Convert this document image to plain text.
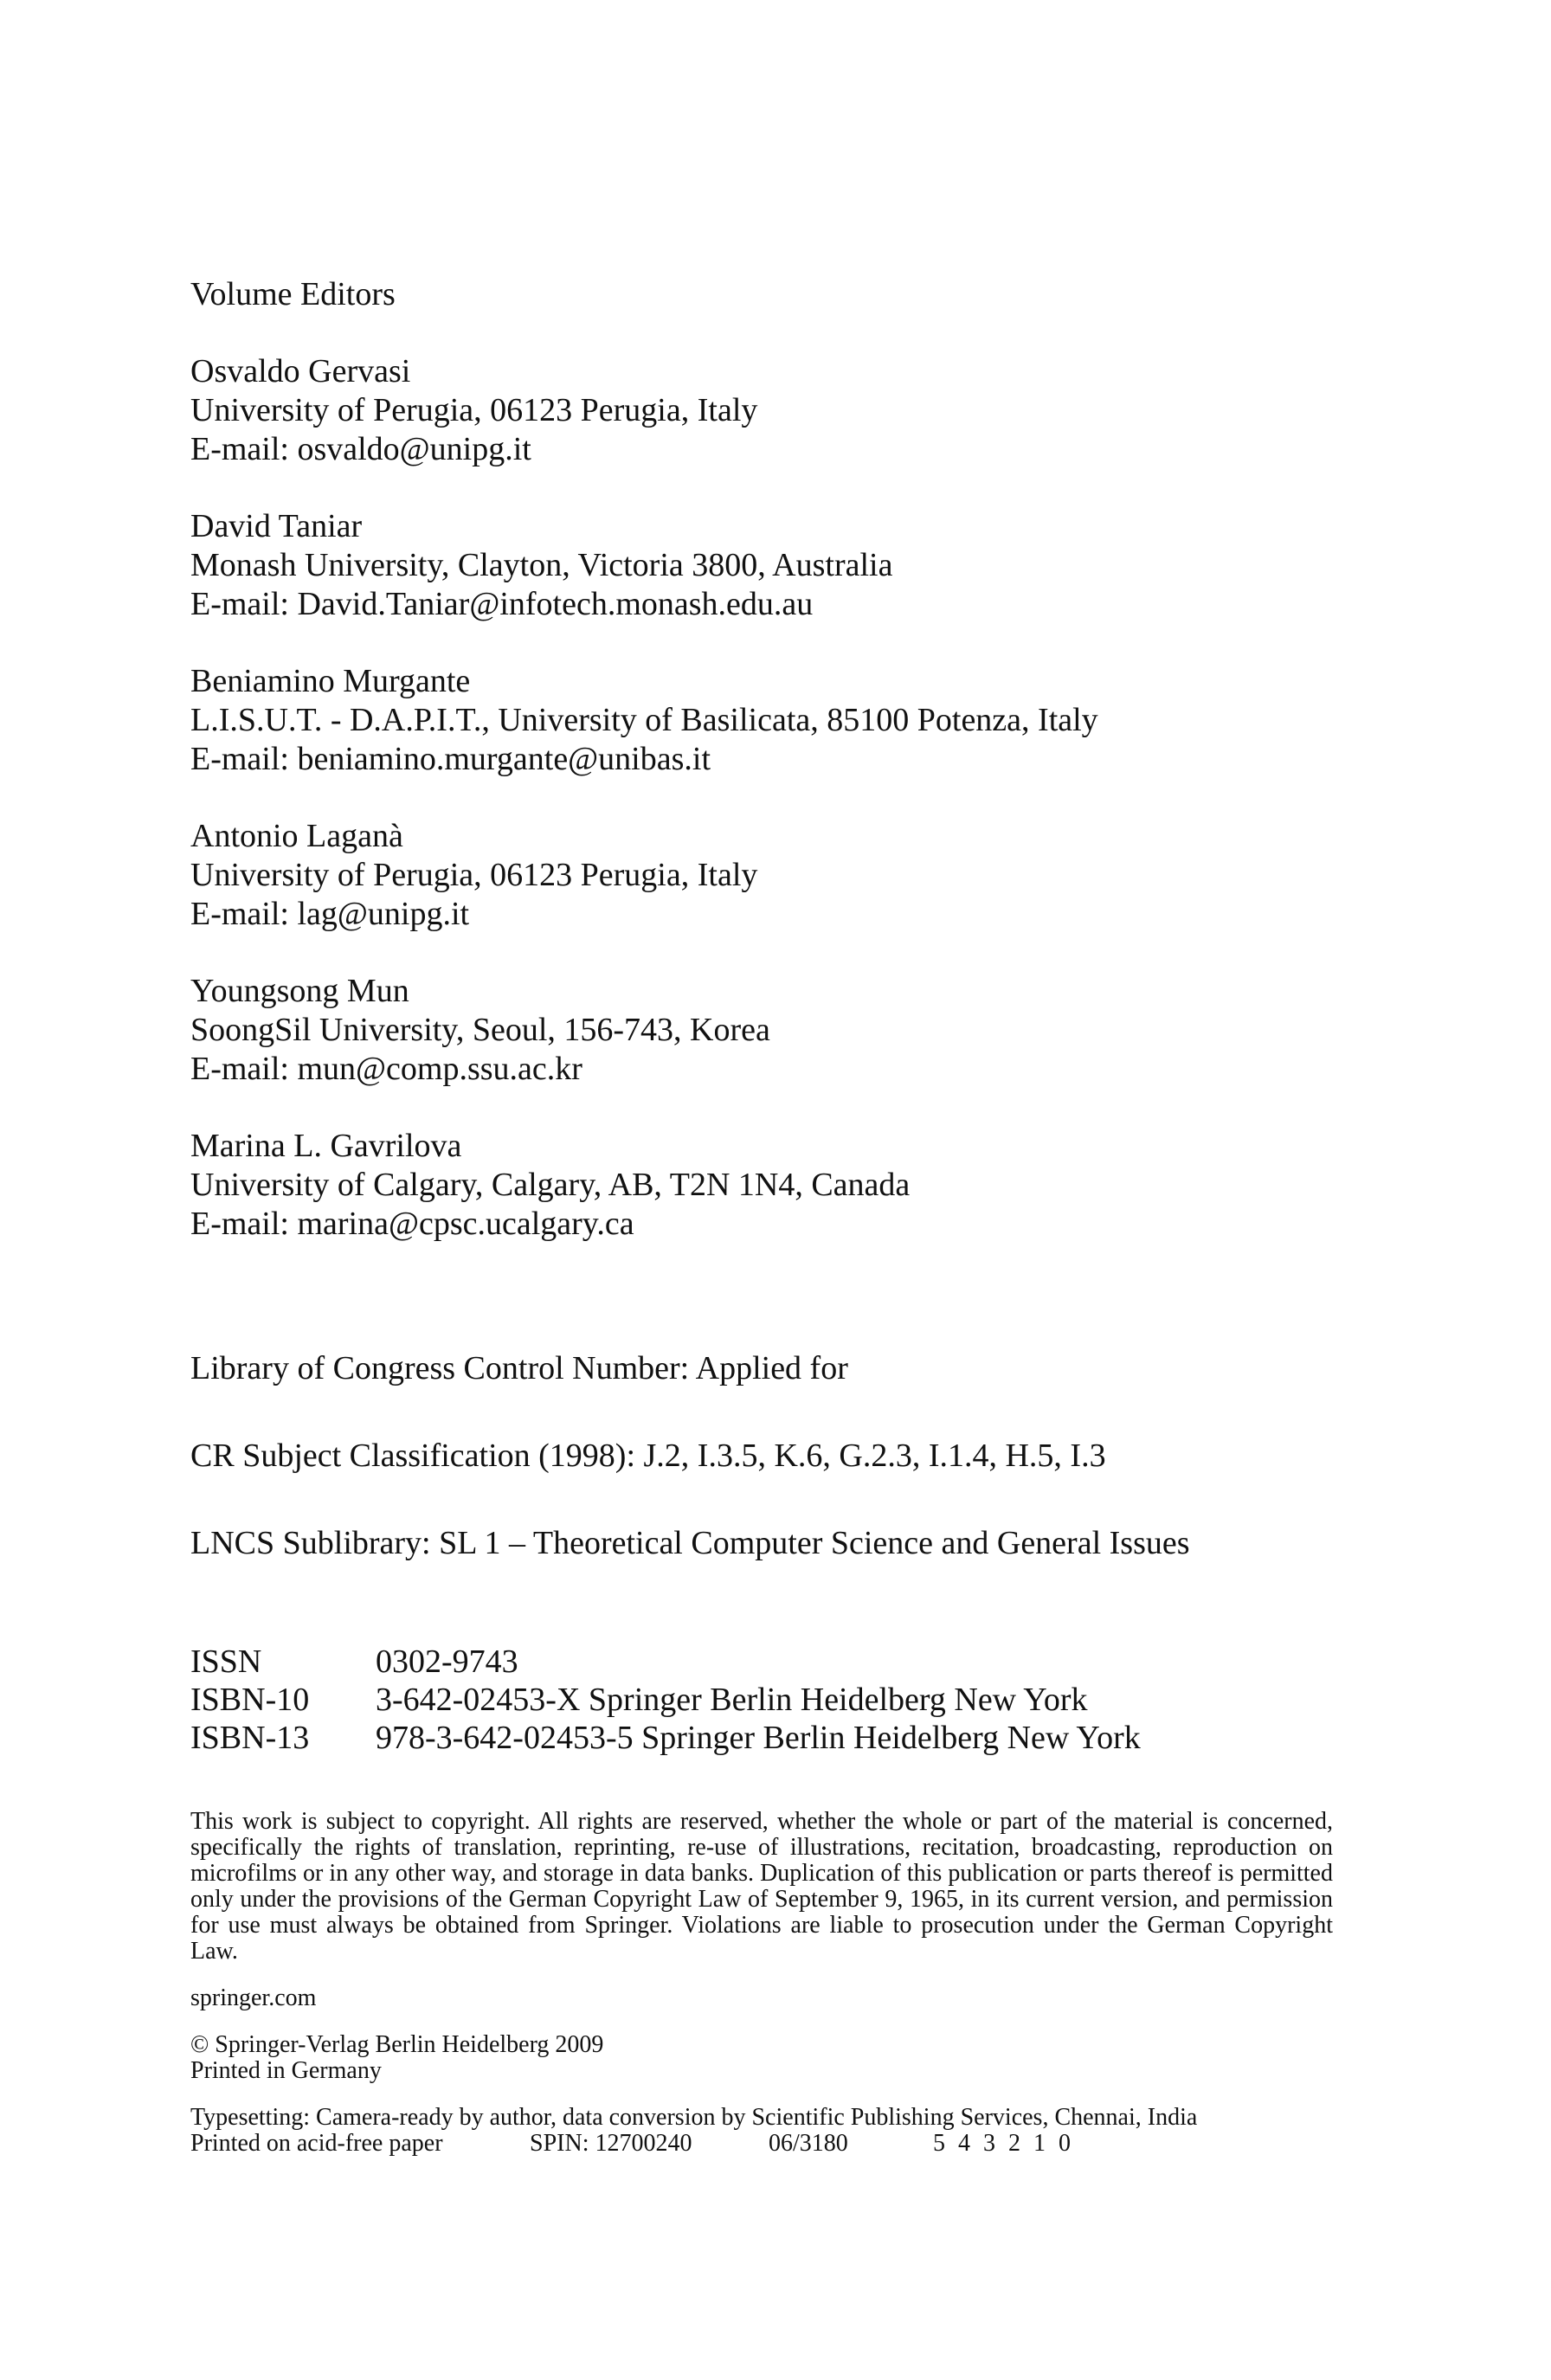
Volume Editors
Osvaldo Gervasi
University of Perugia, 06123 Perugia, Italy
E-mail: osvaldo@unipg.it
David Taniar
Monash University, Clayton, Victoria 3800, Australia
E-mail: David.Taniar@infotech.monash.edu.au
Beniamino Murgante
L.I.S.U.T. - D.A.P.I.T., University of Basilicata, 85100 Potenza, Italy
E-mail: beniamino.murgante@unibas.it
Antonio Laganà
University of Perugia, 06123 Perugia, Italy
E-mail: lag@unipg.it
Youngsong Mun
SoongSil University, Seoul, 156-743, Korea
E-mail: mun@comp.ssu.ac.kr
Marina L. Gavrilova
University of Calgary, Calgary, AB, T2N 1N4, Canada
E-mail: marina@cpsc.ucalgary.ca
Library of Congress Control Number: Applied for
CR Subject Classification (1998): J.2, I.3.5, K.6, G.2.3, I.1.4, H.5, I.3
LNCS Sublibrary: SL 1 – Theoretical Computer Science and General Issues
ISSN	0302-9743
ISBN-10	3-642-02453-X Springer Berlin Heidelberg New York
ISBN-13	978-3-642-02453-5 Springer Berlin Heidelberg New York
This work is subject to copyright. All rights are reserved, whether the whole or part of the material is concerned, specifically the rights of translation, reprinting, re-use of illustrations, recitation, broadcasting, reproduction on microfilms or in any other way, and storage in data banks. Duplication of this publication or parts thereof is permitted only under the provisions of the German Copyright Law of September 9, 1965, in its current version, and permission for use must always be obtained from Springer. Violations are liable to prosecution under the German Copyright Law.
springer.com
© Springer-Verlag Berlin Heidelberg 2009
Printed in Germany
Typesetting: Camera-ready by author, data conversion by Scientific Publishing Services, Chennai, India
Printed on acid-free paper	SPIN: 12700240	06/3180	5 4 3 2 1 0
